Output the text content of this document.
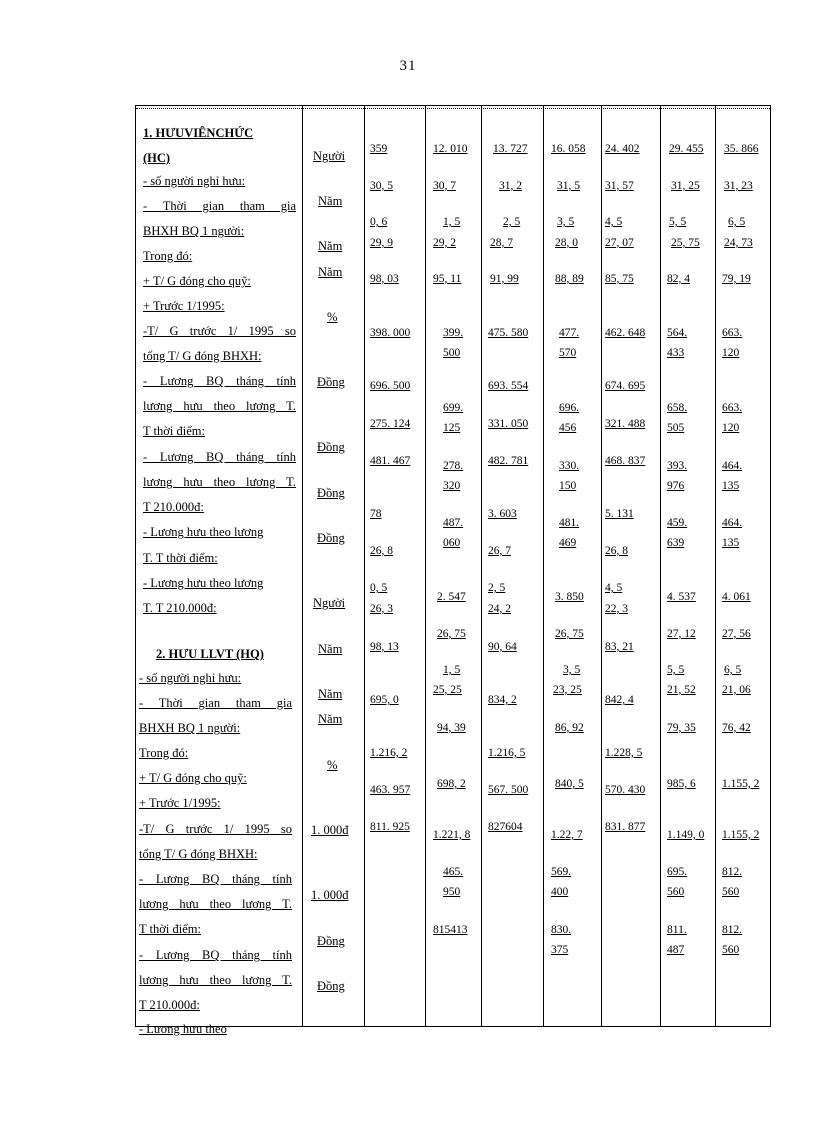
31
1. HƯUVIÊNCHỨC
(HC)
- số người nghỉ hưu:
- Thời gian tham gia
BHXH BQ 1 người:
Trong đó:
+ T/ G đóng cho quỹ:
+ Trước 1/1995:
-T/ G trước 1/ 1995 so
tổng T/ G đóng BHXH:
- Lương BQ tháng tính
lương hưu theo lương T.
T thời điểm:
- Lương BQ tháng tính
lương hưu theo lương T.
T 210.000đ:
- Lương hưu theo lương
T. T thời điểm:
- Lương hưu theo lương
T. T 210.000đ:
2. HƯU LLVT (HQ)
- số người nghỉ hưu:
- Thời gian tham gia
BHXH BQ 1 người:
Trong đó:
+ T/ G đóng cho quỹ:
+ Trước 1/1995:
-T/ G trước 1/ 1995 so
tổng T/ G đóng BHXH:
- Lương BQ tháng tính
lương hưu theo lương T.
T thời điểm:
- Lương BQ tháng tính
lương hưu theo lương T.
T 210.000đ:
- Lương hưu theo
Người
Năm
Năm
Năm
%
Đồng
Đồng
Đồng
Đồng
Người
Năm
Năm
Năm
%
1. 000đ
1. 000đ
Đồng
Đồng
359
30, 5
0, 6
29, 9
98, 03
398. 000
696. 500
275. 124
481. 467
78
26, 8
0, 5
26, 3
98, 13
695, 0
1.216, 2
463. 957
811. 925
12. 010
30, 7
1, 5
29, 2
95, 11
399.
500
699.
125
278.
320
487.
060
2. 547
26, 75
1, 5
25, 25
94, 39
698, 2
1.221, 8
465.
950
815413
13. 727
31, 2
2, 5
28, 7
91, 99
475. 580
693. 554
331. 050
482. 781
3. 603
26, 7
2, 5
24, 2
90, 64
834, 2
1.216, 5
567. 500
827604
16. 058
31, 5
3, 5
28, 0
88, 89
477.
570
696.
456
330.
150
481.
469
3. 850
26, 75
3, 5
23, 25
86, 92
840, 5
1.22, 7
569.
400
830.
375
24. 402
31, 57
4, 5
27, 07
85, 75
462. 648
674. 695
321. 488
468. 837
5. 131
26, 8
4, 5
22, 3
83, 21
842, 4
1.228, 5
570. 430
831. 877
29. 455
31, 25
5, 5
25, 75
82, 4
564.
433
658.
505
393.
976
459.
639
4. 537
27, 12
5, 5
21, 52
79, 35
985, 6
1.149, 0
695.
560
811.
487
35. 866
31, 23
6, 5
24, 73
79, 19
663.
120
663.
120
464.
135
464.
135
4. 061
27, 56
6, 5
21, 06
76, 42
1.155, 2
1.155, 2
812.
560
812.
560
